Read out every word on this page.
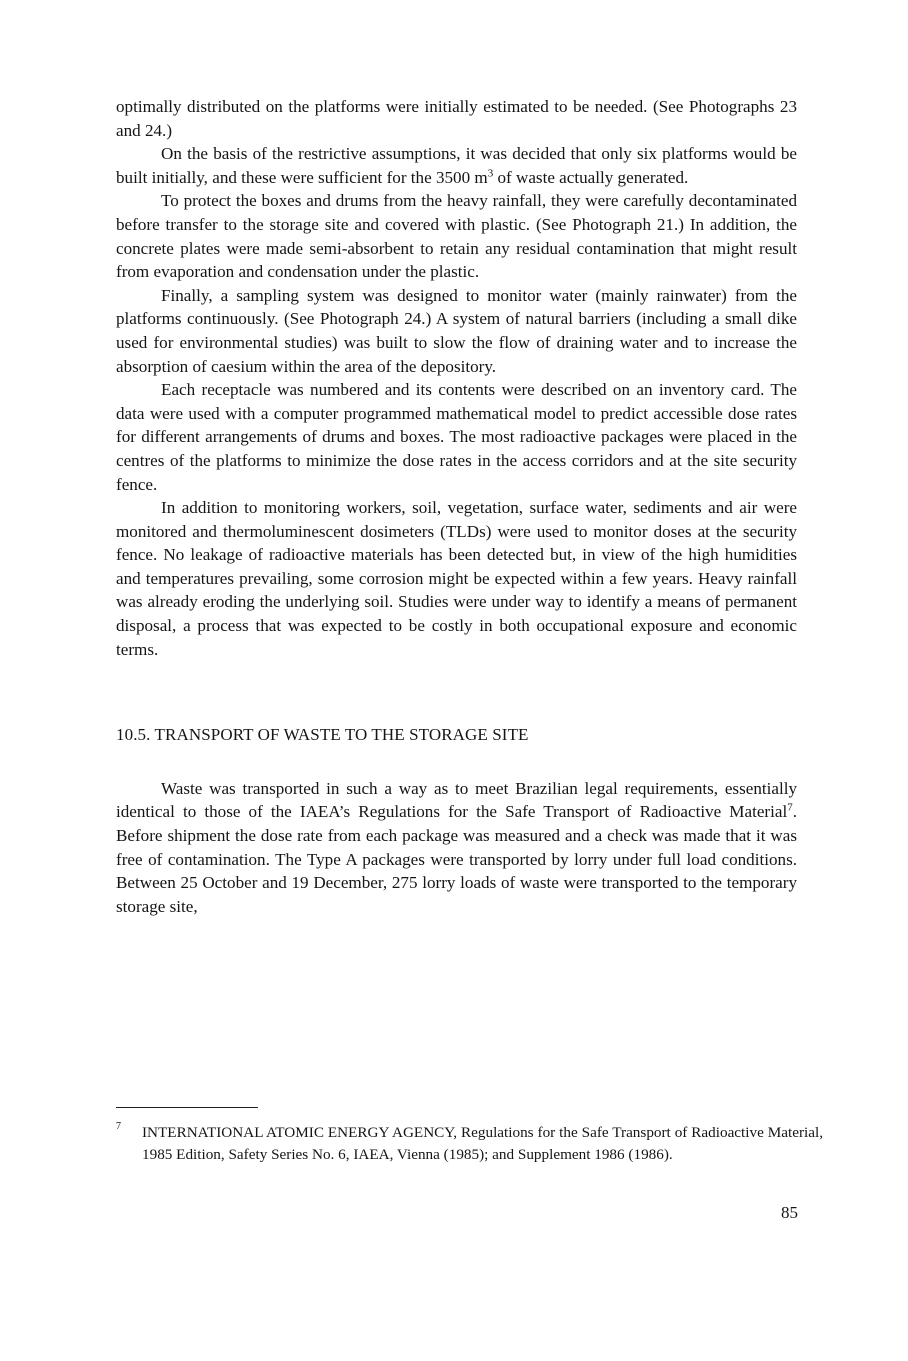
optimally distributed on the platforms were initially estimated to be needed. (See Photographs 23 and 24.)

On the basis of the restrictive assumptions, it was decided that only six platforms would be built initially, and these were sufficient for the 3500 $m^3$ of waste actually generated.

To protect the boxes and drums from the heavy rainfall, they were carefully decontaminated before transfer to the storage site and covered with plastic. (See Photograph 21.) In addition, the concrete plates were made semi-absorbent to retain any residual contamination that might result from evaporation and condensation under the plastic.

Finally, a sampling system was designed to monitor water (mainly rainwater) from the platforms continuously. (See Photograph 24.) A system of natural barriers (including a small dike used for environmental studies) was built to slow the flow of draining water and to increase the absorption of caesium within the area of the depository.

Each receptacle was numbered and its contents were described on an inventory card. The data were used with a computer programmed mathematical model to predict accessible dose rates for different arrangements of drums and boxes. The most radioactive packages were placed in the centres of the platforms to minimize the dose rates in the access corridors and at the site security fence.

In addition to monitoring workers, soil, vegetation, surface water, sediments and air were monitored and thermoluminescent dosimeters (TLDs) were used to monitor doses at the security fence. No leakage of radioactive materials has been detected but, in view of the high humidities and temperatures prevailing, some corrosion might be expected within a few years. Heavy rainfall was already eroding the underlying soil. Studies were under way to identify a means of permanent disposal, a process that was expected to be costly in both occupational exposure and economic terms.

10.5. TRANSPORT OF WASTE TO THE STORAGE SITE

Waste was transported in such a way as to meet Brazilian legal requirements, essentially identical to those of the IAEA’s Regulations for the Safe Transport of Radioactive Material$^7$. Before shipment the dose rate from each package was measured and a check was made that it was free of contamination. The Type A packages were transported by lorry under full load conditions. Between 25 October and 19 December, 275 lorry loads of waste were transported to the temporary storage site,

$^7$ INTERNATIONAL ATOMIC ENERGY AGENCY, Regulations for the Safe Transport of Radioactive Material, 1985 Edition, Safety Series No. 6, IAEA, Vienna (1985); and Supplement 1986 (1986).

85
